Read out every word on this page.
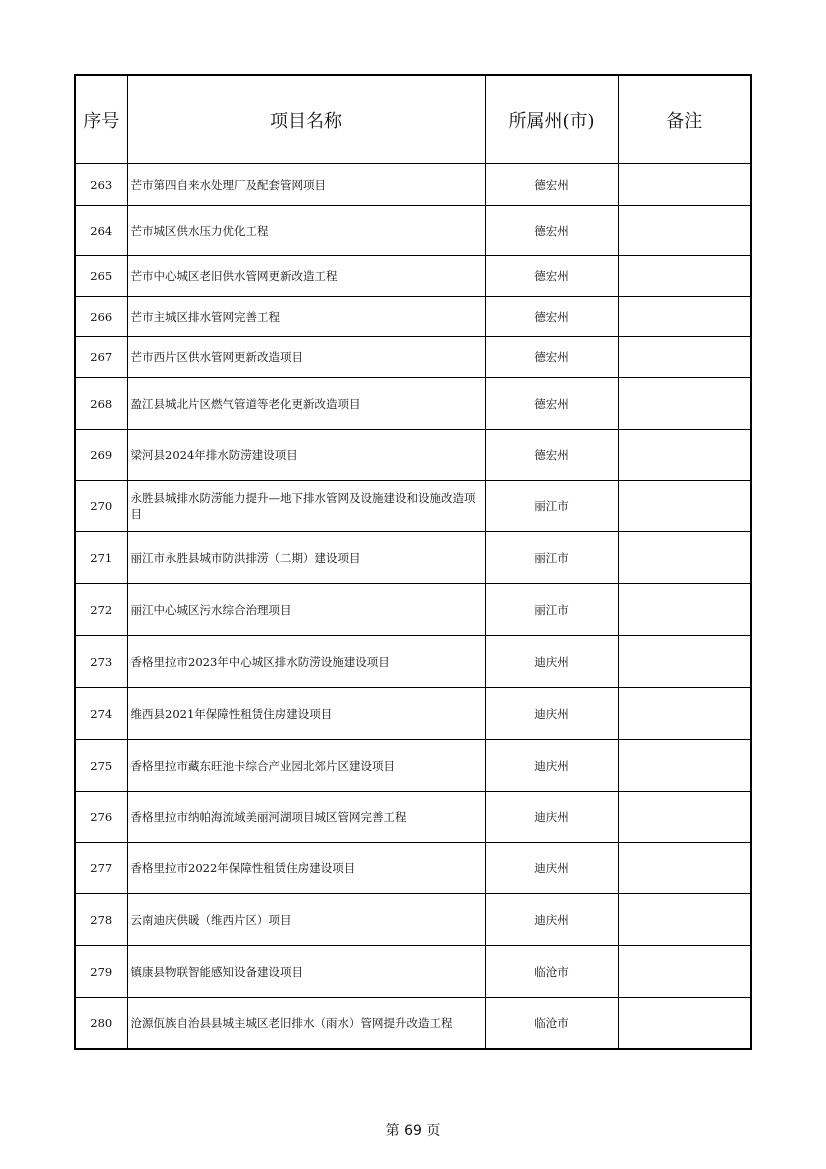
序号	项目名称	所属州(市)	备注
263	芒市第四自来水处理厂及配套管网项目	德宏州	
264	芒市城区供水压力优化工程	德宏州	
265	芒市中心城区老旧供水管网更新改造工程	德宏州	
266	芒市主城区排水管网完善工程	德宏州	
267	芒市西片区供水管网更新改造项目	德宏州	
268	盈江县城北片区燃气管道等老化更新改造项目	德宏州	
269	梁河县2024年排水防涝建设项目	德宏州	
270	永胜县城排水防涝能力提升—地下排水管网及设施建设和设施改造项目	丽江市	
271	丽江市永胜县城市防洪排涝（二期）建设项目	丽江市	
272	丽江中心城区污水综合治理项目	丽江市	
273	香格里拉市2023年中心城区排水防涝设施建设项目	迪庆州	
274	维西县2021年保障性租赁住房建设项目	迪庆州	
275	香格里拉市藏东旺池卡综合产业园北郊片区建设项目	迪庆州	
276	香格里拉市纳帕海流域美丽河湖项目城区管网完善工程	迪庆州	
277	香格里拉市2022年保障性租赁住房建设项目	迪庆州	
278	云南迪庆供暖（维西片区）项目	迪庆州	
279	镇康县物联智能感知设备建设项目	临沧市	
280	沧源佤族自治县县城主城区老旧排水（雨水）管网提升改造工程	临沧市	
第 69 页
